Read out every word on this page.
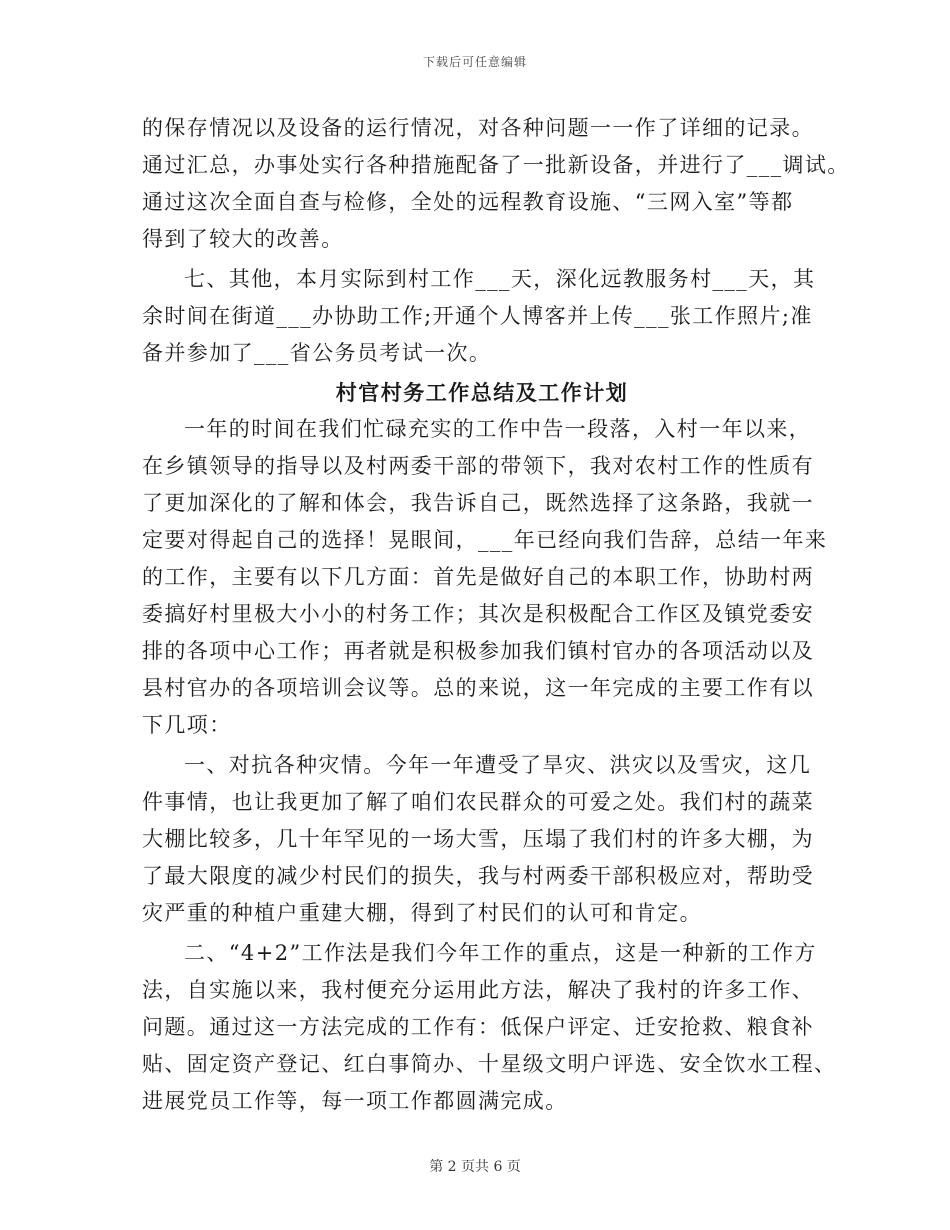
下载后可任意编辑
的保存情况以及设备的运行情况，对各种问题一一作了详细的记录。
通过汇总，办事处实行各种措施配备了一批新设备，并进行了___调试。
通过这次全面自查与检修，全处的远程教育设施、“三网入室”等都
得到了较大的改善。
七、其他，本月实际到村工作___天，深化远教服务村___天，其
余时间在街道___办协助工作;开通个人博客并上传___张工作照片;准
备并参加了___省公务员考试一次。
村官村务工作总结及工作计划
一年的时间在我们忙碌充实的工作中告一段落，入村一年以来，
在乡镇领导的指导以及村两委干部的带领下，我对农村工作的性质有
了更加深化的了解和体会，我告诉自己，既然选择了这条路，我就一
定要对得起自己的选择！晃眼间，___年已经向我们告辞，总结一年来
的工作，主要有以下几方面：首先是做好自己的本职工作，协助村两
委搞好村里极大小小的村务工作；其次是积极配合工作区及镇党委安
排的各项中心工作；再者就是积极参加我们镇村官办的各项活动以及
县村官办的各项培训会议等。总的来说，这一年完成的主要工作有以
下几项：
一、对抗各种灾情。今年一年遭受了旱灾、洪灾以及雪灾，这几
件事情，也让我更加了解了咱们农民群众的可爱之处。我们村的蔬菜
大棚比较多，几十年罕见的一场大雪，压塌了我们村的许多大棚，为
了最大限度的减少村民们的损失，我与村两委干部积极应对，帮助受
灾严重的种植户重建大棚，得到了村民们的认可和肯定。
二、“4+2”工作法是我们今年工作的重点，这是一种新的工作方
法，自实施以来，我村便充分运用此方法，解决了我村的许多工作、
问题。通过这一方法完成的工作有：低保户评定、迁安抢救、粮食补
贴、固定资产登记、红白事简办、十星级文明户评选、安全饮水工程、
进展党员工作等，每一项工作都圆满完成。
第 2 页共 6 页
